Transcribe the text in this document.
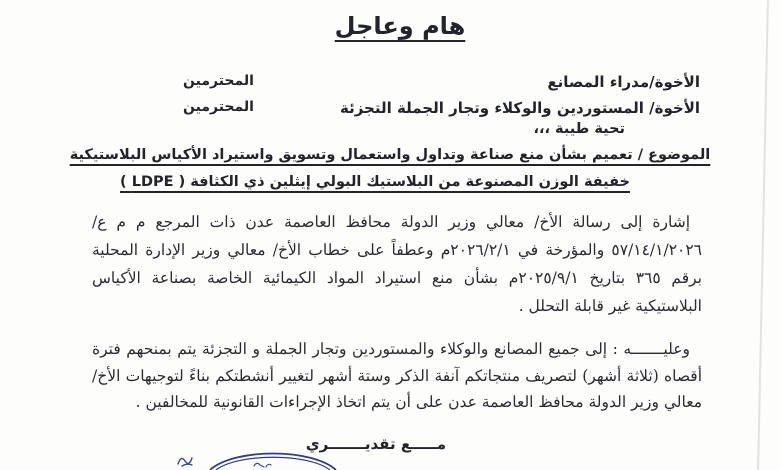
هام وعاجل
الأخوة/مدراء المصانع
المحترمين
الأخوة/ المستوردين والوكلاء وتجار الجملة التجزئة
المحترمين
تحية طيبة ،،،
الموضوع / تعميم بشأن منع صناعة وتداول واستعمال وتسويق واستيراد الأكياس البلاستيكية
خفيفة الوزن المصنوعة من البلاستيك البولي إيثلين ذي الكثافة ( LDPE )
إشارة إلى رسالة الأخ/ معالي وزير الدولة محافظ العاصمة عدن ذات المرجع م م ع/٥٧/١٤/١/٢٠٢٦ والمؤرخة في ٢٠٢٦/٢/١م وعطفاً على خطاب الأخ/ معالي وزير الإدارة المحلية برقم ٣٦٥ بتاريخ ٢٠٢٥/٩/١م بشأن منع استيراد المواد الكيمائية الخاصة بصناعة الأكياس البلاستيكية غير قابلة التحلل .
وعليـــــــه : إلى جميع المصانع والوكلاء والمستوردين وتجار الجملة و التجزئة يتم بمنحهم فترة أقصاه (ثلاثة أشهر) لتصريف منتجاتكم آنفة الذكر وستة أشهر لتغيير أنشطتكم بناءً لتوجيهات الأخ/ معالي وزير الدولة محافظ العاصمة عدن على أن يتم اتخاذ الإجراءات القانونية للمخالفين .
مـــــع تقديـــــــري
